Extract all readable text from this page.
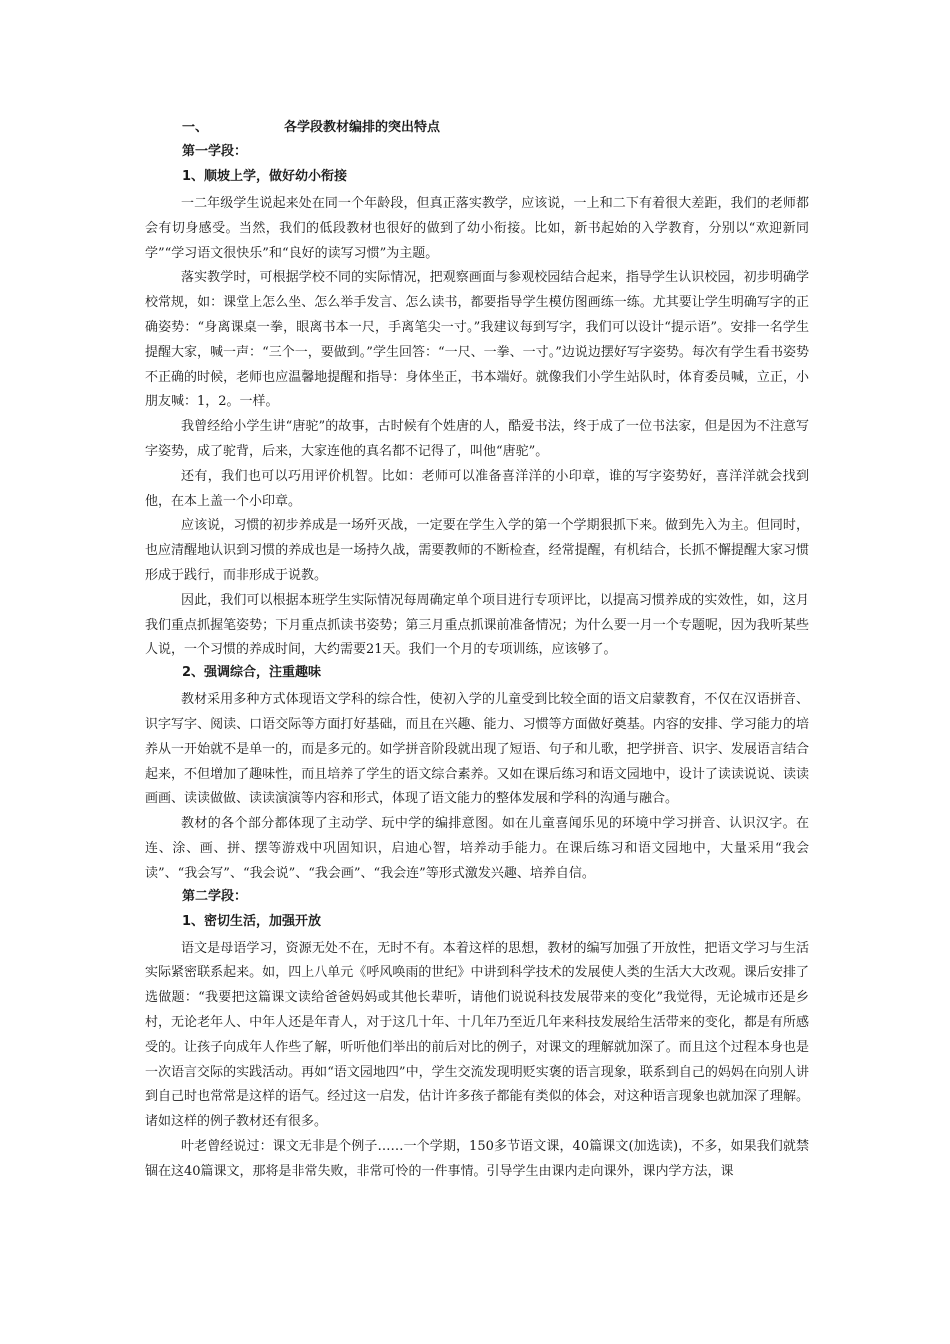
一、	各学段教材编排的突出特点
第一学段：
1、顺坡上学，做好幼小衔接

一二年级学生说起来处在同一个年龄段，但真正落实教学，应该说，一上和二下有着很大差距，我们的老师都会有切身感受。当然，我们的低段教材也很好的做到了幼小衔接。比如，新书起始的入学教育，分别以“欢迎新同学”“学习语文很快乐”和“良好的读写习惯”为主题。

落实教学时，可根据学校不同的实际情况，把观察画面与参观校园结合起来，指导学生认识校园，初步明确学校常规，如：课堂上怎么坐、怎么举手发言、怎么读书，都要指导学生模仿图画练一练。尤其要让学生明确写字的正确姿势：“身离课桌一拳，眼离书本一尺，手离笔尖一寸。”我建议每到写字，我们可以设计“提示语”。安排一名学生提醒大家，喊一声：“三个一，要做到。”学生回答：“一尺、一拳、一寸。”边说边摆好写字姿势。每次有学生看书姿势不正确的时候，老师也应温馨地提醒和指导：身体坐正，书本端好。就像我们小学生站队时，体育委员喊，立正，小朋友喊：1，2。一样。

我曾经给小学生讲“唐驼”的故事，古时候有个姓唐的人，酷爱书法，终于成了一位书法家，但是因为不注意写字姿势，成了驼背，后来，大家连他的真名都不记得了，叫他“唐驼”。

还有，我们也可以巧用评价机智。比如：老师可以准备喜洋洋的小印章，谁的写字姿势好，喜洋洋就会找到他，在本上盖一个小印章。

应该说，习惯的初步养成是一场歼灭战，一定要在学生入学的第一个学期狠抓下来。做到先入为主。但同时，也应清醒地认识到习惯的养成也是一场持久战，需要教师的不断检查，经常提醒，有机结合，长抓不懈提醒大家习惯形成于践行，而非形成于说教。

因此，我们可以根据本班学生实际情况每周确定单个项目进行专项评比，以提高习惯养成的实效性，如，这月我们重点抓握笔姿势；下月重点抓读书姿势；第三月重点抓课前准备情况；为什么要一月一个专题呢，因为我听某些人说，一个习惯的养成时间，大约需要21天。我们一个月的专项训练，应该够了。

2、强调综合，注重趣味

教材采用多种方式体现语文学科的综合性，使初入学的儿童受到比较全面的语文启蒙教育，不仅在汉语拼音、识字写字、阅读、口语交际等方面打好基础，而且在兴趣、能力、习惯等方面做好奠基。内容的安排、学习能力的培养从一开始就不是单一的，而是多元的。如学拼音阶段就出现了短语、句子和儿歌，把学拼音、识字、发展语言结合起来，不但增加了趣味性，而且培养了学生的语文综合素养。又如在课后练习和语文园地中，设计了读读说说、读读画画、读读做做、读读演演等内容和形式，体现了语文能力的整体发展和学科的沟通与融合。

教材的各个部分都体现了主动学、玩中学的编排意图。如在儿童喜闻乐见的环境中学习拼音、认识汉字。在连、涂、画、拼、摆等游戏中巩固知识，启迪心智，培养动手能力。在课后练习和语文园地中，大量采用“我会读”、“我会写”、“我会说”、“我会画”、“我会连”等形式激发兴趣、培养自信。

第二学段：
1、密切生活，加强开放

语文是母语学习，资源无处不在，无时不有。本着这样的思想，教材的编写加强了开放性，把语文学习与生活实际紧密联系起来。如，四上八单元《呼风唤雨的世纪》中讲到科学技术的发展使人类的生活大大改观。课后安排了选做题：“我要把这篇课文读给爸爸妈妈或其他长辈听，请他们说说科技发展带来的变化”我觉得，无论城市还是乡村，无论老年人、中年人还是年青人，对于这几十年、十几年乃至近几年来科技发展给生活带来的变化，都是有所感受的。让孩子向成年人作些了解，听听他们举出的前后对比的例子，对课文的理解就加深了。而且这个过程本身也是一次语言交际的实践活动。再如“语文园地四”中，学生交流发现明贬实褒的语言现象，联系到自己的妈妈在向别人讲到自己时也常常是这样的语气。经过这一启发，估计许多孩子都能有类似的体会，对这种语言现象也就加深了理解。诸如这样的例子教材还有很多。

叶老曾经说过：课文无非是个例子……一个学期，150多节语文课，40篇课文(加选读)，不多，如果我们就禁锢在这40篇课文，那将是非常失败，非常可怜的一件事情。引导学生由课内走向课外，课内学方法，课
